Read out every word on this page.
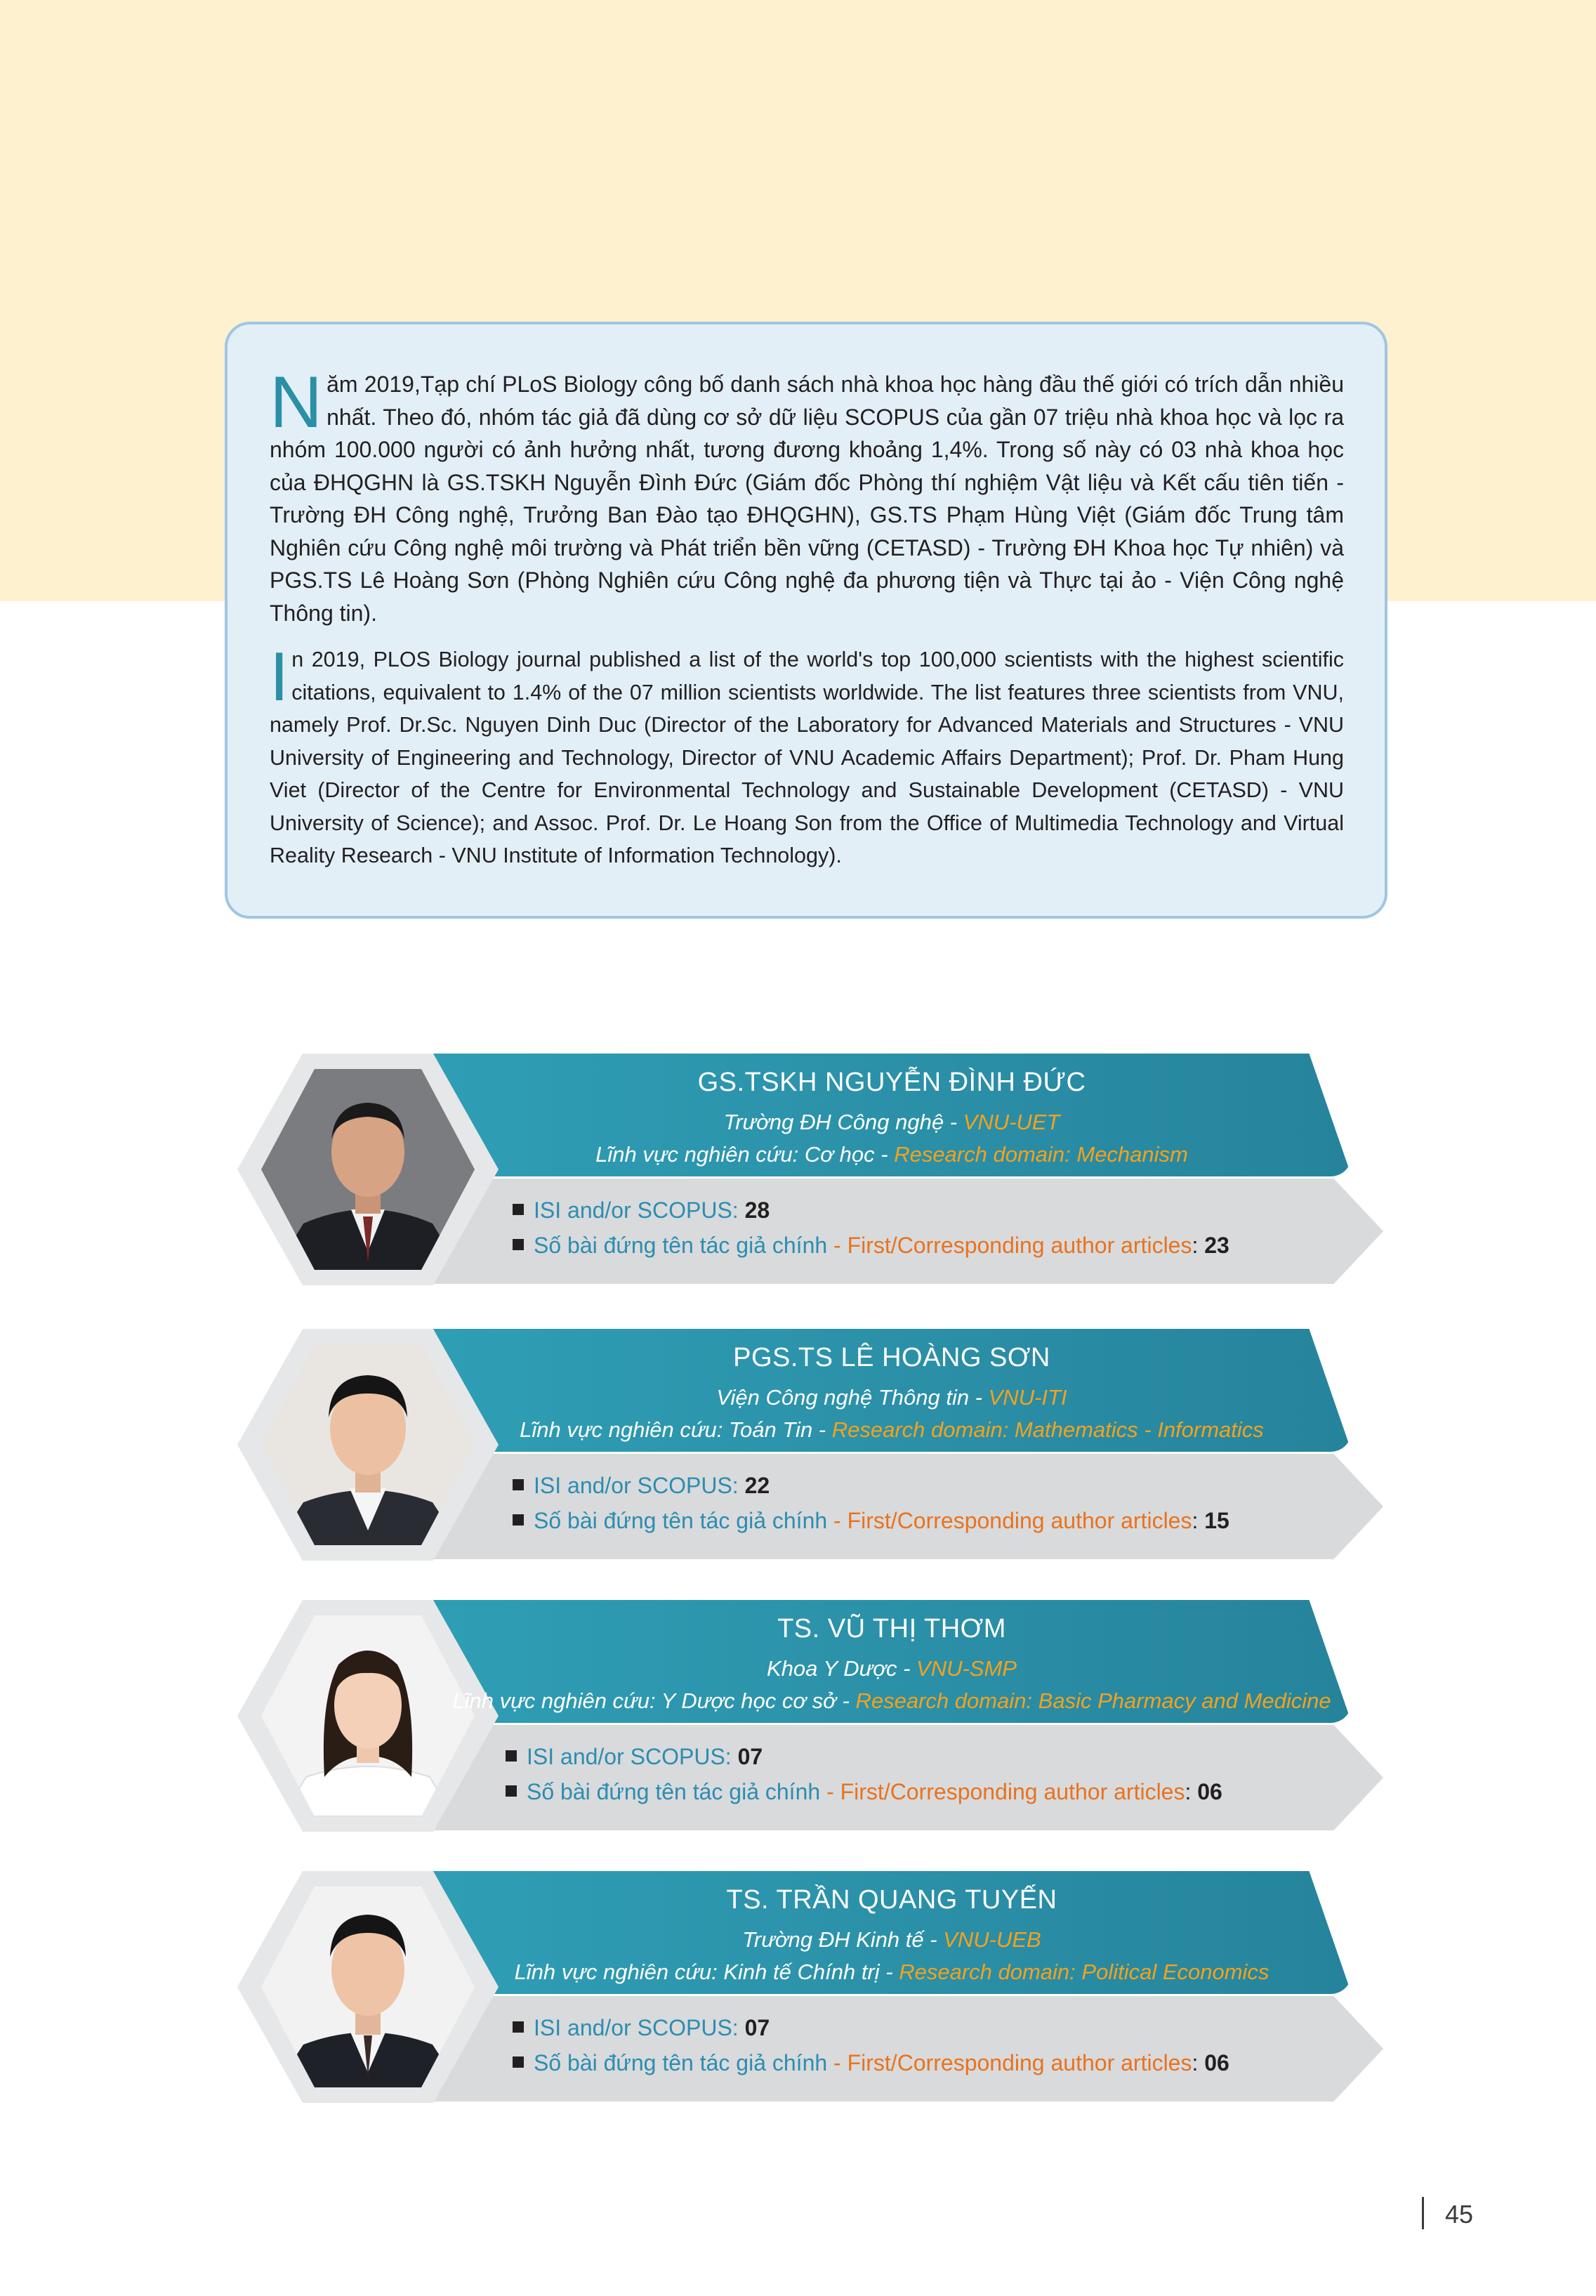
Năm 2019,Tạp chí PLoS Biology công bố danh sách nhà khoa học hàng đầu thế giới có trích dẫn nhiều nhất. Theo đó, nhóm tác giả đã dùng cơ sở dữ liệu SCOPUS của gần 07 triệu nhà khoa học và lọc ra nhóm 100.000 người có ảnh hưởng nhất, tương đương khoảng 1,4%. Trong số này có 03 nhà khoa học của ĐHQGHN là GS.TSKH Nguyễn Đình Đức (Giám đốc Phòng thí nghiệm Vật liệu và Kết cấu tiên tiến - Trường ĐH Công nghệ, Trưởng Ban Đào tạo ĐHQGHN), GS.TS Phạm Hùng Việt (Giám đốc Trung tâm Nghiên cứu Công nghệ môi trường và Phát triển bền vững (CETASD) - Trường ĐH Khoa học Tự nhiên) và PGS.TS Lê Hoàng Sơn (Phòng Nghiên cứu Công nghệ đa phương tiện và Thực tại ảo - Viện Công nghệ Thông tin).

In 2019, PLOS Biology journal published a list of the world's top 100,000 scientists with the highest scientific citations, equivalent to 1.4% of the 07 million scientists worldwide. The list features three scientists from VNU, namely Prof. Dr.Sc. Nguyen Dinh Duc (Director of the Laboratory for Advanced Materials and Structures - VNU University of Engineering and Technology, Director of VNU Academic Affairs Department); Prof. Dr. Pham Hung Viet (Director of the Centre for Environmental Technology and Sustainable Development (CETASD) - VNU University of Science); and Assoc. Prof. Dr. Le Hoang Son from the Office of Multimedia Technology and Virtual Reality Research - VNU Institute of Information Technology).

GS.TSKH NGUYỄN ĐÌNH ĐỨC
Trường ĐH Công nghệ - VNU-UET
Lĩnh vực nghiên cứu: Cơ học - Research domain: Mechanism
ISI and/or SCOPUS: 28
Số bài đứng tên tác giả chính - First/Corresponding author articles: 23
PGS.TS LÊ HOÀNG SƠN
Viện Công nghệ Thông tin - VNU-ITI
Lĩnh vực nghiên cứu: Toán Tin - Research domain: Mathematics - Informatics
ISI and/or SCOPUS: 22
Số bài đứng tên tác giả chính - First/Corresponding author articles: 15
TS. VŨ THỊ THƠM
Khoa Y Dược - VNU-SMP
Lĩnh vực nghiên cứu: Y Dược học cơ sở - Research domain: Basic Pharmacy and Medicine
ISI and/or SCOPUS: 07
Số bài đứng tên tác giả chính - First/Corresponding author articles: 06
TS. TRẦN QUANG TUYẾN
Trường ĐH Kinh tế - VNU-UEB
Lĩnh vực nghiên cứu: Kinh tế Chính trị - Research domain: Political Economics
ISI and/or SCOPUS: 07
Số bài đứng tên tác giả chính - First/Corresponding author articles: 06
45
